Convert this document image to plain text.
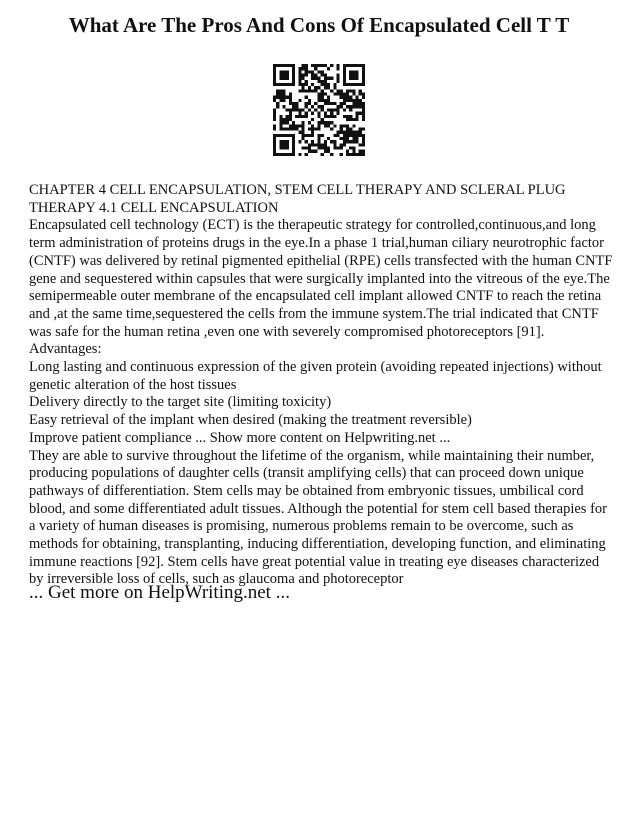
What Are The Pros And Cons Of Encapsulated Cell T T

CHAPTER 4 CELL ENCAPSULATION, STEM CELL THERAPY AND SCLERAL PLUG THERAPY 4.1 CELL ENCAPSULATION

Encapsulated cell technology (ECT) is the therapeutic strategy for controlled,continuous,and long term administration of proteins drugs in the eye.In a phase 1 trial,human ciliary neurotrophic factor (CNTF) was delivered by retinal pigmented epithelial (RPE) cells transfected with the human CNTF gene and sequestered within capsules that were surgically implanted into the vitreous of the eye.The semipermeable outer membrane of the encapsulated cell implant allowed CNTF to reach the retina and ,at the same time,sequestered the cells from the immune system.The trial indicated that CNTF was safe for the human retina ,even one with severely compromised photoreceptors [91].

Advantages:

Long lasting and continuous expression of the given protein (avoiding repeated injections) without genetic alteration of the host tissues

Delivery directly to the target site (limiting toxicity)

Easy retrieval of the implant when desired (making the treatment reversible)

Improve patient compliance ... Show more content on Helpwriting.net ...

They are able to survive throughout the lifetime of the organism, while maintaining their number, producing populations of daughter cells (transit amplifying cells) that can proceed down unique pathways of differentiation. Stem cells may be obtained from embryonic tissues, umbilical cord blood, and some differentiated adult tissues. Although the potential for stem cell based therapies for a variety of human diseases is promising, numerous problems remain to be overcome, such as methods for obtaining, transplanting, inducing differentiation, developing function, and eliminating immune reactions [92]. Stem cells have great potential value in treating eye diseases characterized by irreversible loss of cells, such as glaucoma and photoreceptor

... Get more on HelpWriting.net ...
